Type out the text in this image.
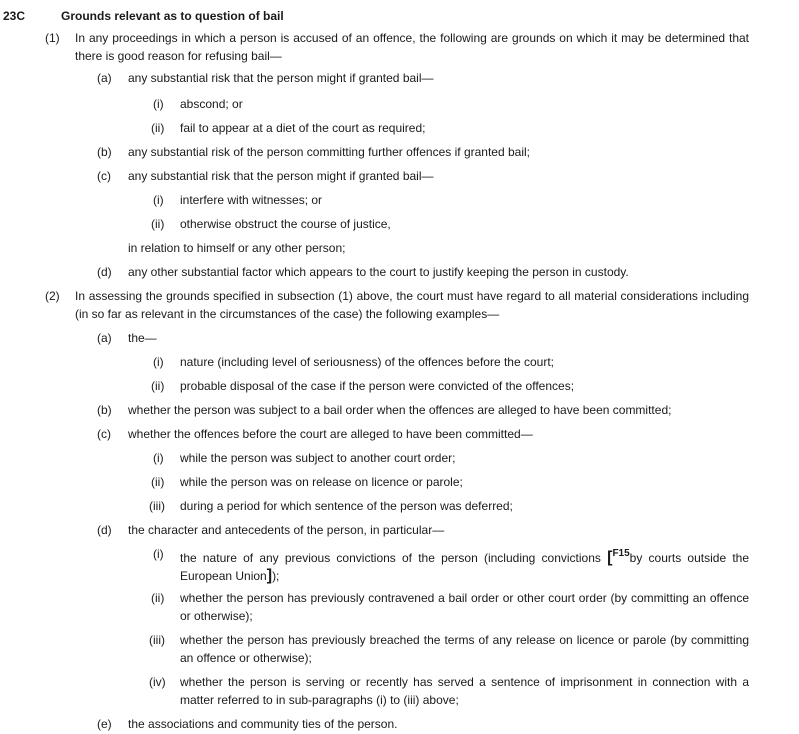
23C	Grounds relevant as to question of bail
(1) In any proceedings in which a person is accused of an offence, the following are grounds on which it may be determined that there is good reason for refusing bail—
(a) any substantial risk that the person might if granted bail—
(i) abscond; or
(ii) fail to appear at a diet of the court as required;
(b) any substantial risk of the person committing further offences if granted bail;
(c) any substantial risk that the person might if granted bail—
(i) interfere with witnesses; or
(ii) otherwise obstruct the course of justice,
in relation to himself or any other person;
(d) any other substantial factor which appears to the court to justify keeping the person in custody.
(2) In assessing the grounds specified in subsection (1) above, the court must have regard to all material considerations including (in so far as relevant in the circumstances of the case) the following examples—
(a) the—
(i) nature (including level of seriousness) of the offences before the court;
(ii) probable disposal of the case if the person were convicted of the offences;
(b) whether the person was subject to a bail order when the offences are alleged to have been committed;
(c) whether the offences before the court are alleged to have been committed—
(i) while the person was subject to another court order;
(ii) while the person was on release on licence or parole;
(iii) during a period for which sentence of the person was deferred;
(d) the character and antecedents of the person, in particular—
(i) the nature of any previous convictions of the person (including convictions [$^{F15}$by courts outside the European Union]);
(ii) whether the person has previously contravened a bail order or other court order (by committing an offence or otherwise);
(iii) whether the person has previously breached the terms of any release on licence or parole (by committing an offence or otherwise);
(iv) whether the person is serving or recently has served a sentence of imprisonment in connection with a matter referred to in sub-paragraphs (i) to (iii) above;
(e) the associations and community ties of the person.
